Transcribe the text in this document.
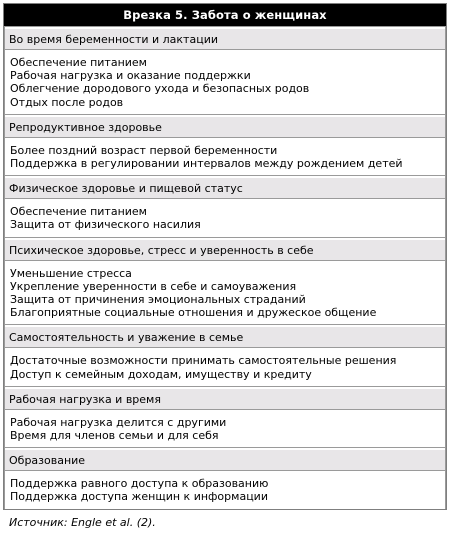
Врезка 5. Забота о женщинах
Во время беременности и лактации
Обеспечение питанием
Рабочая нагрузка и оказание поддержки
Облегчение дородового ухода и безопасных родов
Отдых после родов
Репродуктивное здоровье
Более поздний возраст первой беременности
Поддержка в регулировании интервалов между рождением детей
Физическое здоровье и пищевой статус
Обеспечение питанием
Защита от физического насилия
Психическое здоровье, стресс и уверенность в себе
Уменьшение стресса
Укрепление уверенности в себе и самоуважения
Защита от причинения эмоциональных страданий
Благоприятные социальные отношения и дружеское общение
Самостоятельность и уважение в семье
Достаточные возможности принимать самостоятельные решения
Доступ к семейным доходам, имуществу и кредиту
Рабочая нагрузка и время
Рабочая нагрузка делится с другими
Время для членов семьи и для себя
Образование
Поддержка равного доступа к образованию
Поддержка доступа женщин к информации
Источник: Engle et al. (2).
